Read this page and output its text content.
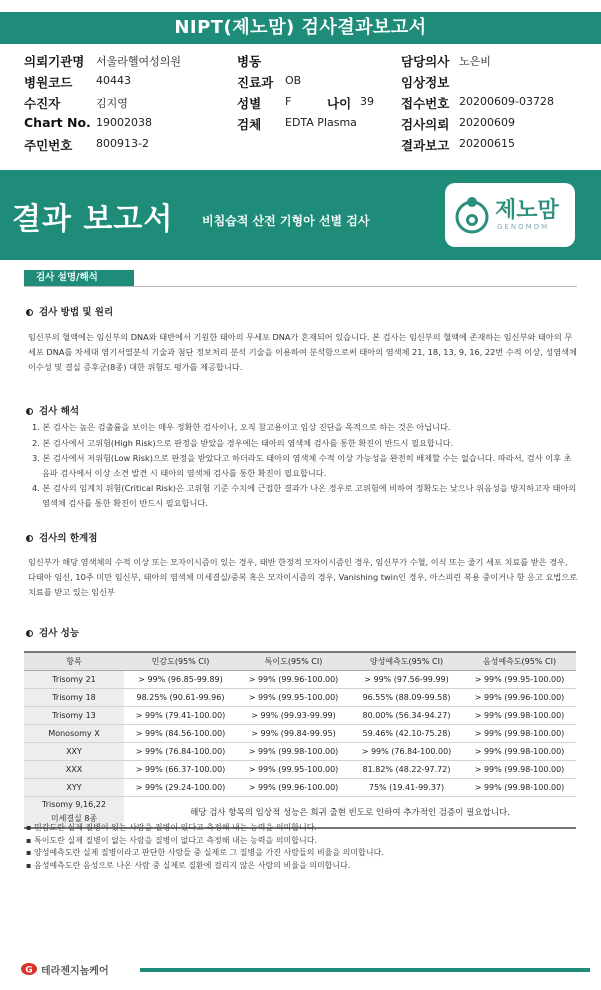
NIPT(제노맘) 검사결과보고서
의뢰기관명 서울라헬여성의원	병동	담당의사 노은비
병원코드 40443	진료과 OB	임상정보
수진자	김지영	성별 F	나이 39 접수번호 20200609-03728
Chart No. 19002038	검체 EDTA Plasma	검사의뢰 20200609
주민번호 800913-2	결과보고 20200615
결과 보고서 비침습적 산전 기형아 선별 검사	제노맘
GENOMOM
검사 설명/해석
검사 방법 및 원리

임신부의 혈액에는 임신부의 DNA와 태반에서 기원한 태아의 무세포 DNA가 혼재되어 있습니다. 본 검사는 임신부의 혈액에 존재하는 임신부와 태아의 무세포 DNA를 차세대 염기서열분석 기술과 첨단 정보처리 분석 기술을 이용하여 분석함으로써 태아의 염색체 21, 18, 13, 9, 16, 22번 수적 이상, 성염색체 이수성 및 결실 증후군(8종) 대한 위험도 평가를 제공합니다.

검사 해석
1. 본 검사는 높은 검출률을 보이는 매우 정확한 검사이나, 오직 참고용이고 임상 진단을 목적으로 하는 것은 아닙니다.
2. 본 검사에서 고위험(High Risk)으로 판정을 받았을 경우에는 태아의 염색체 검사를 통한 확진이 반드시 필요합니다.
3. 본 검사에서 저위험(Low Risk)으로 판정을 받았다고 하더라도 태아의 염색체 수적 이상 가능성을 완전히 배제할 수는 없습니다. 따라서, 검사 이후 초음파 검사에서 이상 소견 발견 시 태아의 염색체 검사를 통한 확진이 필요합니다.
4. 본 검사의 임계치 위험(Critical Risk)은 고위험 기준 수치에 근접한 결과가 나온 경우로 고위험에 비하여 정확도는 낮으나 위음성을 방지하고자 태아의 염색체 검사를 통한 확진이 반드시 필요합니다.
검사의 한계점

임신부가 해당 염색체의 수적 이상 또는 모자이시즘이 있는 경우, 태반 한정적 모자이시즘인 경우, 임신부가 수혈, 이식 또는 줄기 세포 치료를 받은 경우, 다태아 임신, 10주 미만 임신부, 태아의 염색체 미세결실/중복 혹은 모자이시즘의 경우, Vanishing twin인 경우, 아스피린 복용 중이거나 항 응고 요법으로 치료를 받고 있는 임신부

검사 성능
항목	민감도(95% CI)	특이도(95% CI)	양성예측도(95% CI)	음성예측도(95% CI)
Trisomy 21	> 99% (96.85-99.89)	> 99% (99.96-100.00)	> 99% (97.56-99.99)	> 99% (99.95-100.00)
Trisomy 18	98.25% (90.61-99.96)	> 99% (99.95-100.00)	96.55% (88.09-99.58)	> 99% (99.96-100.00)
Trisomy 13	> 99% (79.41-100.00)	> 99% (99.93-99.99)	80.00% (56.34-94.27)	> 99% (99.98-100.00)
Monosomy X	> 99% (84.56-100.00)	> 99% (99.84-99.95)	59.46% (42.10-75.28)	> 99% (99.98-100.00)
XXY	> 99% (76.84-100.00)	> 99% (99.98-100.00)	> 99% (76.84-100.00)	> 99% (99.98-100.00)
XXX	> 99% (66.37-100.00)	> 99% (99.95-100.00)	81.82% (48.22-97.72)	> 99% (99.98-100.00)
XYY	> 99% (29.24-100.00)	> 99% (99.96-100.00)	75% (19.41-99.37)	> 99% (99.98-100.00)
Trisomy 9,16,22
미세결실 8종	해당 검사 항목의 임상적 성능은 희귀 출현 빈도로 인하여 추가적인 검증이 필요합니다.			
▪ 민감도란 실제 질병이 있는 사람을 질병이 있다고 측정해 내는 능력을 의미합니다.
▪ 특이도란 실제 질병이 없는 사람을 질병이 없다고 측정해 내는 능력을 의미합니다.
▪ 양성예측도란 실제 질병이라고 판단한 사람들 중 실제로 그 질병을 가진 사람들의 비율을 의미합니다.
▪ 음성예측도란 음성으로 나온 사람 중 실제로 질환에 걸리지 않은 사람의 비율을 의미합니다.
G 테라젠지놈케어
